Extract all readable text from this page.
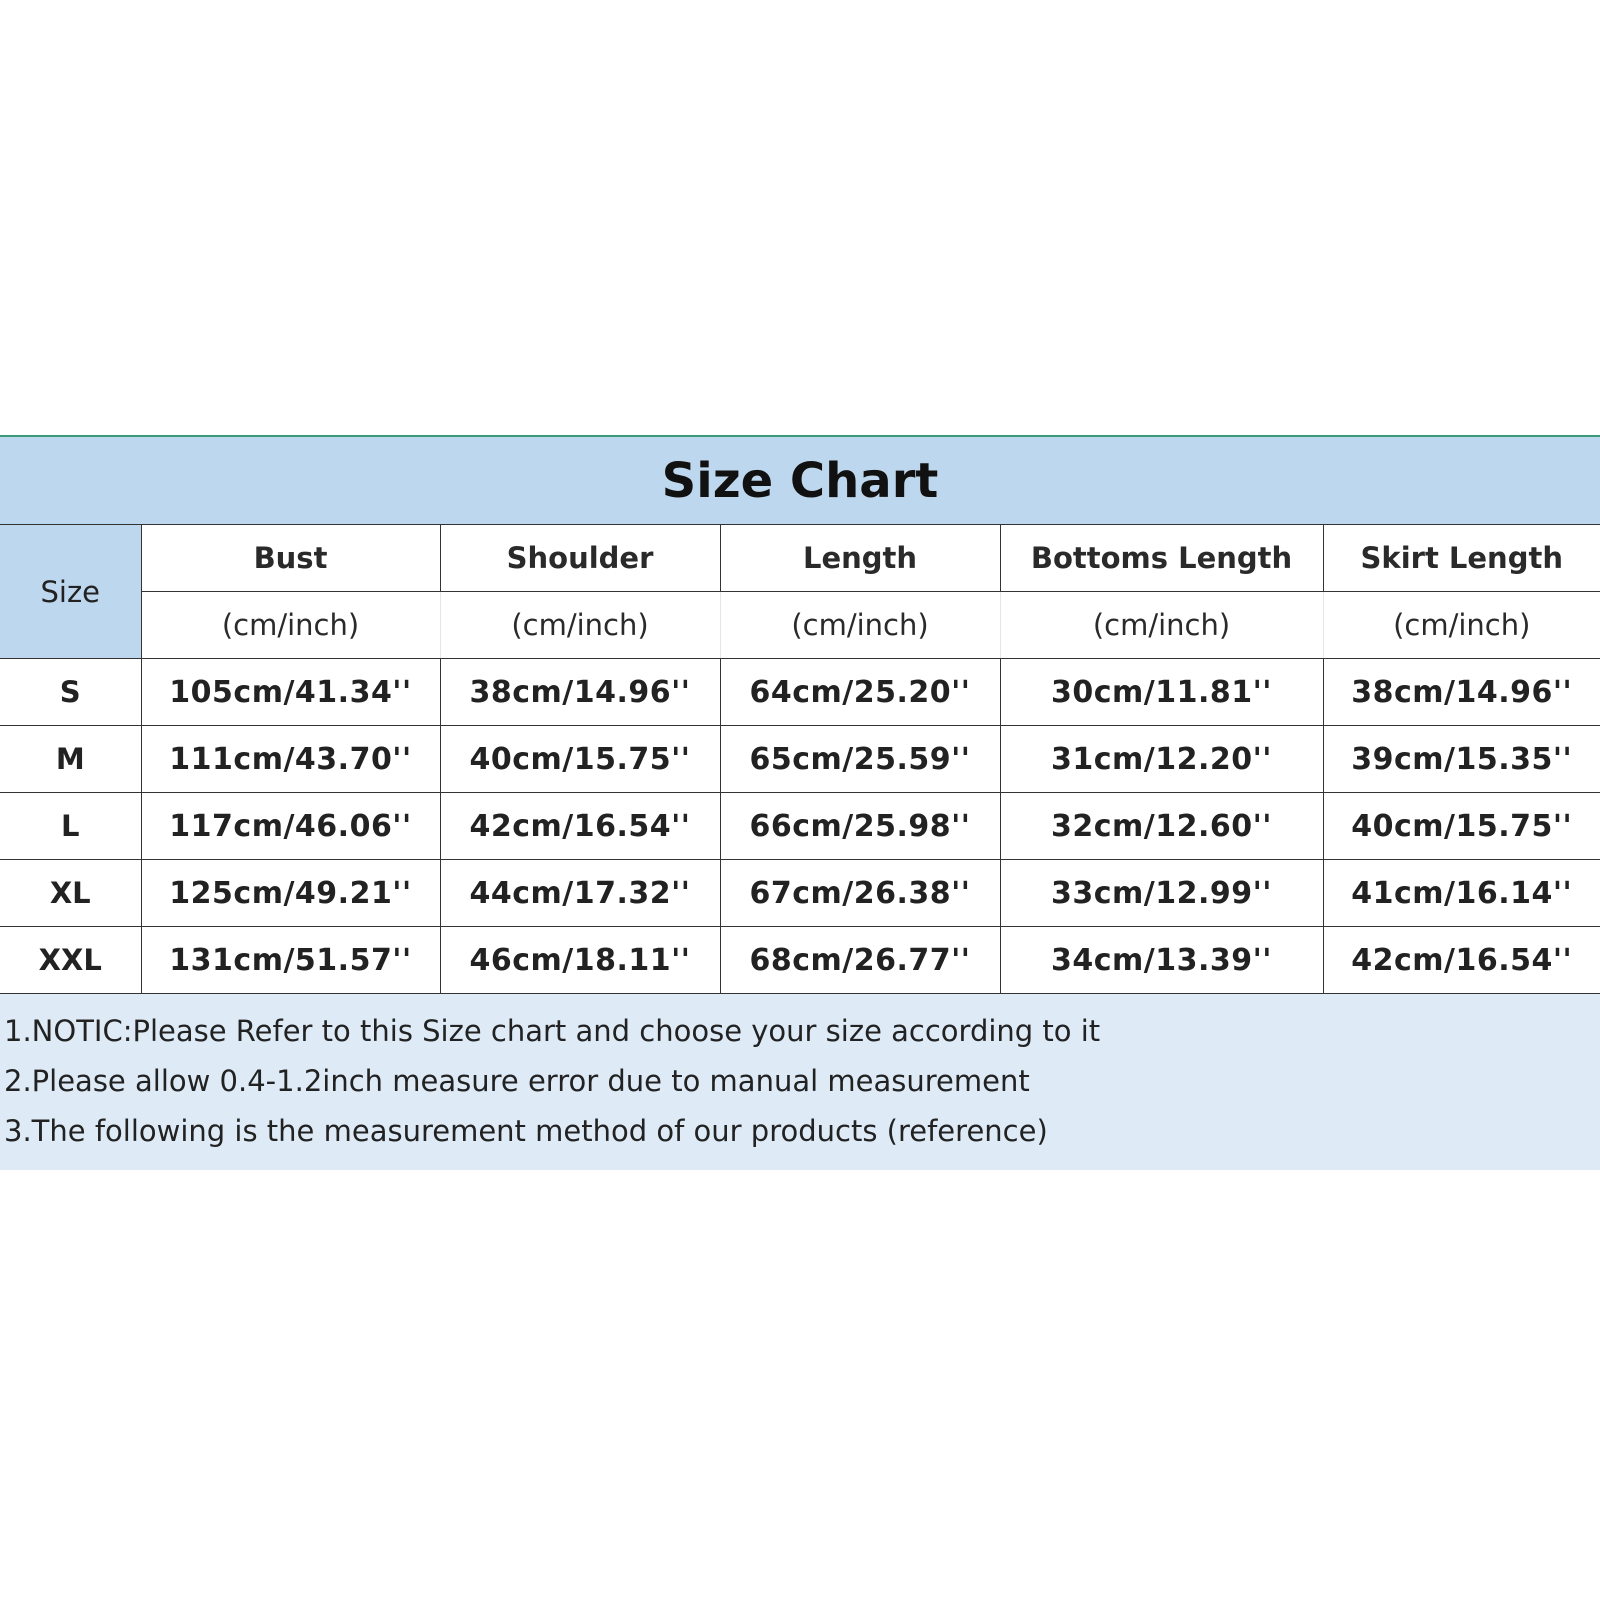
Size Chart
Size	Bust	Shoulder	Length	Bottoms Length	Skirt Length
	(cm/inch)	(cm/inch)	(cm/inch)	(cm/inch)	(cm/inch)
S	105cm/41.34''	38cm/14.96''	64cm/25.20''	30cm/11.81''	38cm/14.96''
M	111cm/43.70''	40cm/15.75''	65cm/25.59''	31cm/12.20''	39cm/15.35''
L	117cm/46.06''	42cm/16.54''	66cm/25.98''	32cm/12.60''	40cm/15.75''
XL	125cm/49.21''	44cm/17.32''	67cm/26.38''	33cm/12.99''	41cm/16.14''
XXL	131cm/51.57''	46cm/18.11''	68cm/26.77''	34cm/13.39''	42cm/16.54''
1.NOTIC:Please Refer to this Size chart and choose your size according to it
2.Please allow 0.4-1.2inch measure error due to manual measurement
3.The following is the measurement method of our products (reference)
